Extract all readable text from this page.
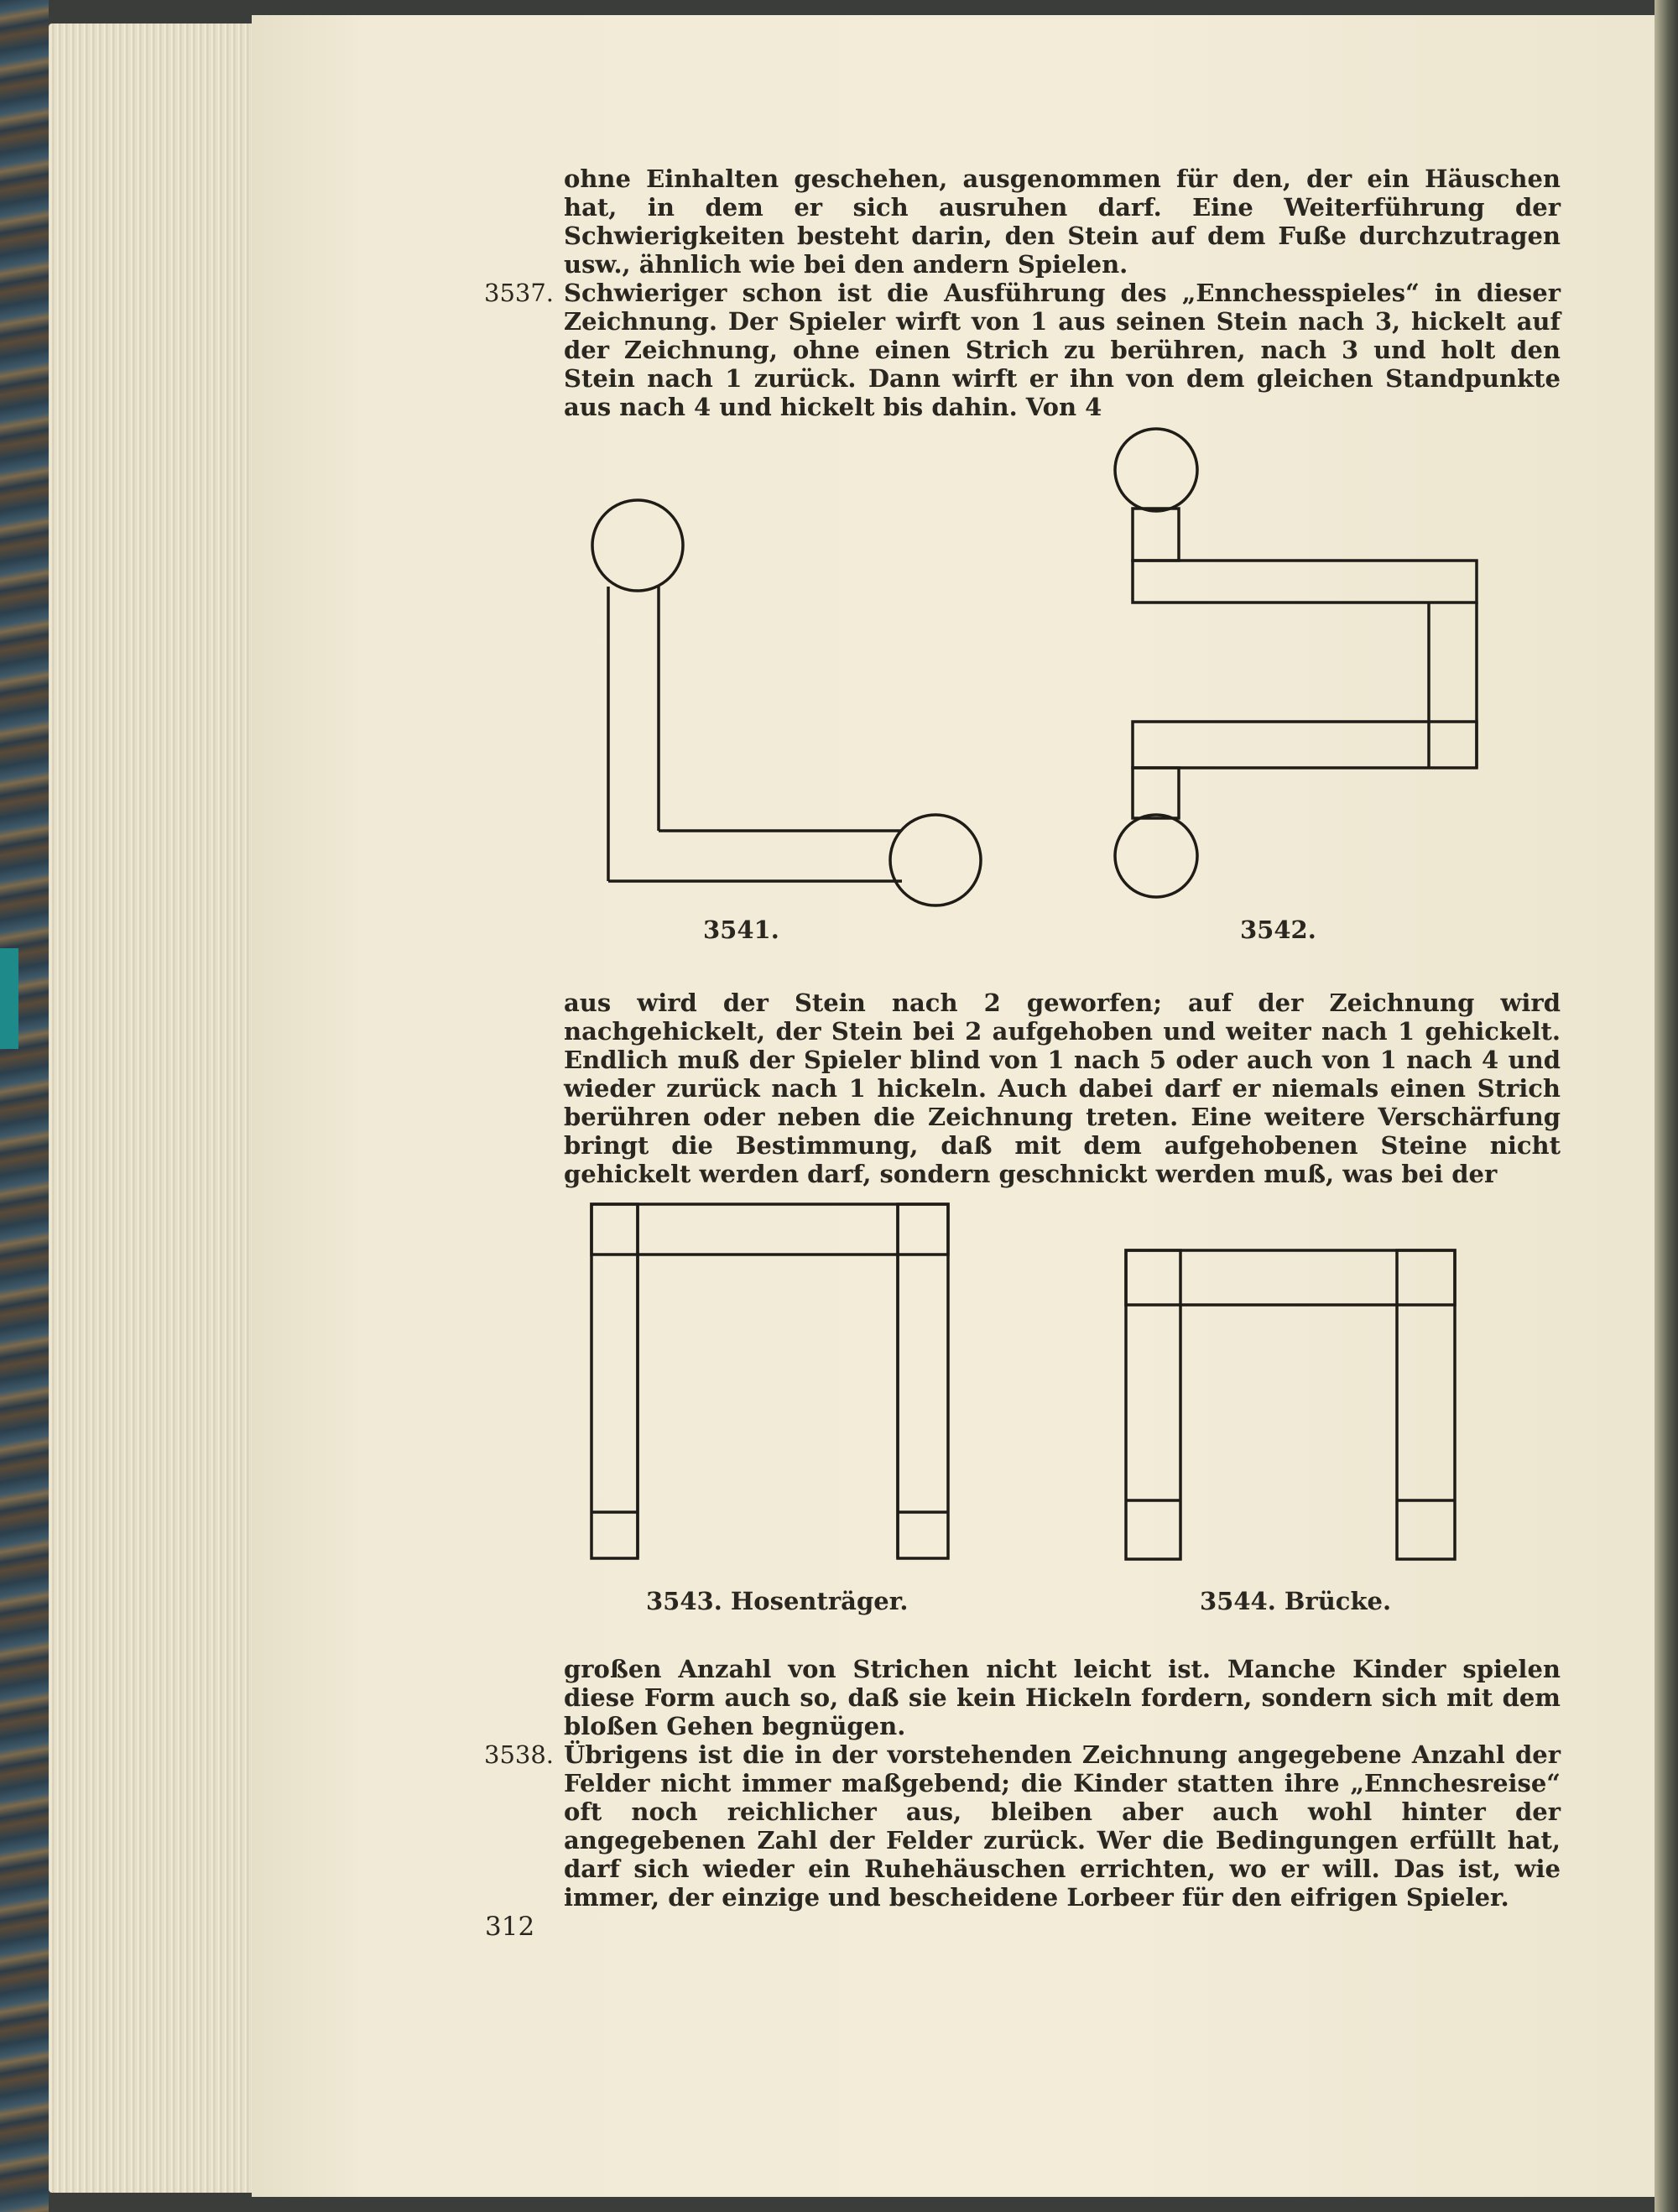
ohne Einhalten geschehen, ausgenommen für den, der ein Häuschen hat, in dem er sich ausruhen darf. Eine Weiterführung der Schwierigkeiten besteht darin, den Stein auf dem Fuße durchzutragen usw., ähnlich wie bei den andern Spielen.

3537. Schwieriger schon ist die Ausführung des „Ennchesspieles“ in dieser Zeichnung. Der Spieler wirft von 1 aus seinen Stein nach 3, hickelt auf der Zeichnung, ohne einen Strich zu berühren, nach 3 und holt den Stein nach 1 zurück. Dann wirft er ihn von dem gleichen Standpunkte aus nach 4 und hickelt bis dahin. Von 4

3541.	3542.

aus wird der Stein nach 2 geworfen; auf der Zeichnung wird nachgehickelt, der Stein bei 2 aufgehoben und weiter nach 1 gehickelt. Endlich muß der Spieler blind von 1 nach 5 oder auch von 1 nach 4 und wieder zurück nach 1 hickeln. Auch dabei darf er niemals einen Strich berühren oder neben die Zeichnung treten. Eine weitere Verschärfung bringt die Bestimmung, daß mit dem aufgehobenen Steine nicht gehickelt werden darf, sondern geschnickt werden muß, was bei der

3543. Hosenträger.	3544. Brücke.

großen Anzahl von Strichen nicht leicht ist. Manche Kinder spielen diese Form auch so, daß sie kein Hickeln fordern, sondern sich mit dem bloßen Gehen begnügen.

3538. Übrigens ist die in der vorstehenden Zeichnung angegebene Anzahl der Felder nicht immer maßgebend; die Kinder statten ihre „Ennchesreise“ oft noch reichlicher aus, bleiben aber auch wohl hinter der angegebenen Zahl der Felder zurück. Wer die Bedingungen erfüllt hat, darf sich wieder ein Ruhehäuschen errichten, wo er will. Das ist, wie immer, der einzige und bescheidene Lorbeer für den eifrigen Spieler.

312
